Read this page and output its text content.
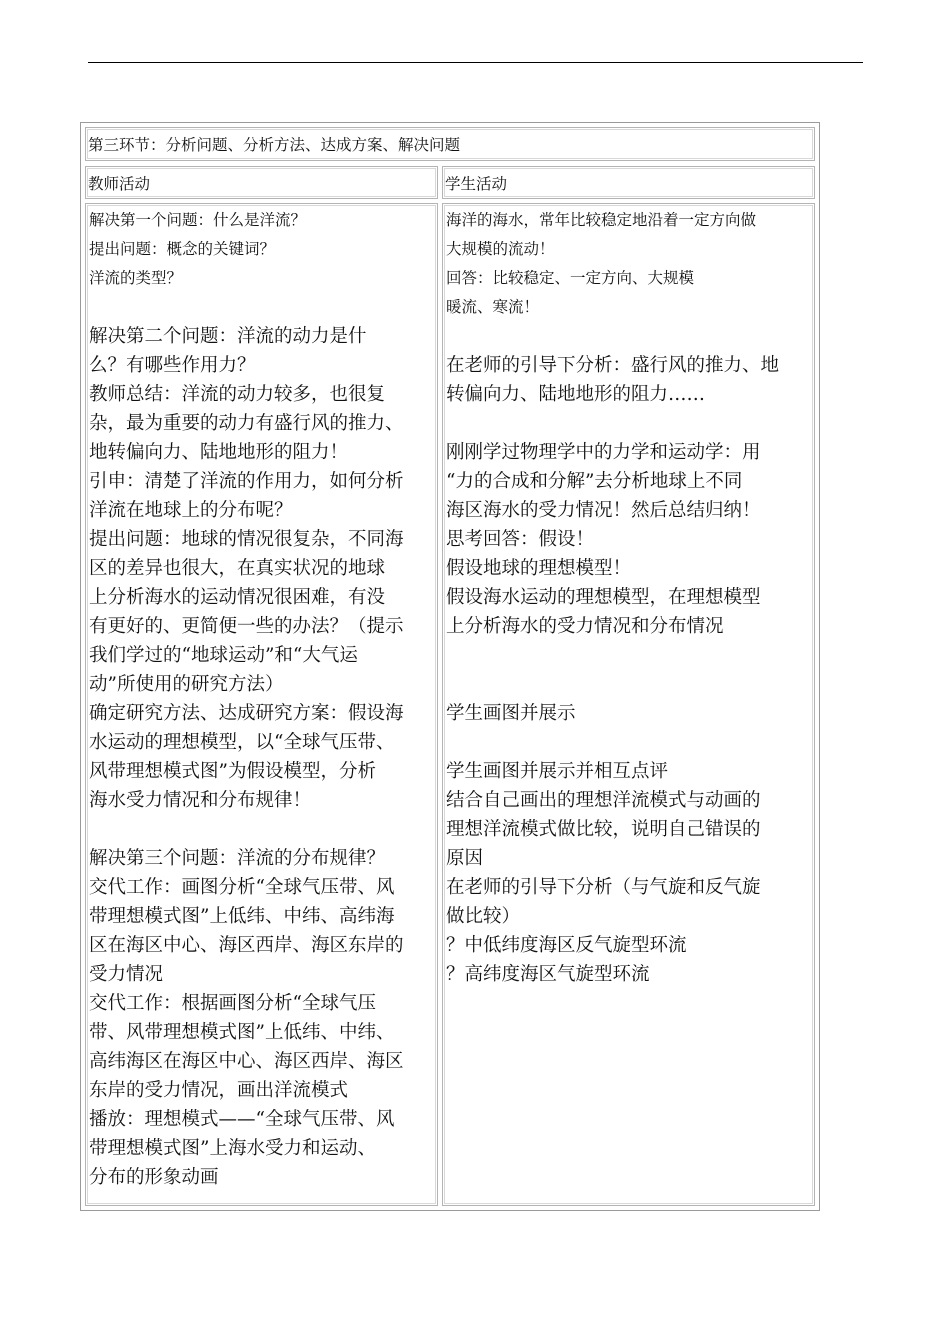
第三环节：分析问题、分析方法、达成方案、解决问题
教师活动	学生活动
解决第一个问题：什么是洋流？
提出问题：概念的关键词？
洋流的类型？
解决第二个问题：洋流的动力是什
么？有哪些作用力？
教师总结：洋流的动力较多，也很复
杂，最为重要的动力有盛行风的推力、
地转偏向力、陆地地形的阻力！
引申：清楚了洋流的作用力，如何分析
洋流在地球上的分布呢？
提出问题：地球的情况很复杂，不同海
区的差异也很大，在真实状况的地球
上分析海水的运动情况很困难，有没
有更好的、更简便一些的办法？（提示
我们学过的“地球运动”和“大气运
动”所使用的研究方法）
确定研究方法、达成研究方案：假设海
水运动的理想模型，以“全球气压带、
风带理想模式图”为假设模型，分析
海水受力情况和分布规律！
解决第三个问题：洋流的分布规律？
交代工作：画图分析“全球气压带、风
带理想模式图”上低纬、中纬、高纬海
区在海区中心、海区西岸、海区东岸的
受力情况
交代工作：根据画图分析“全球气压
带、风带理想模式图”上低纬、中纬、
高纬海区在海区中心、海区西岸、海区
东岸的受力情况，画出洋流模式
播放：理想模式——“全球气压带、风
带理想模式图”上海水受力和运动、
分布的形象动画
海洋的海水，常年比较稳定地沿着一定方向做
大规模的流动！
回答：比较稳定、一定方向、大规模
暖流、寒流！
在老师的引导下分析：盛行风的推力、地
转偏向力、陆地地形的阻力……
刚刚学过物理学中的力学和运动学：用
“力的合成和分解”去分析地球上不同
海区海水的受力情况！然后总结归纳！
思考回答：假设！
假设地球的理想模型！
假设海水运动的理想模型，在理想模型
上分析海水的受力情况和分布情况
学生画图并展示
学生画图并展示并相互点评
结合自己画出的理想洋流模式与动画的
理想洋流模式做比较，说明自己错误的
原因
在老师的引导下分析（与气旋和反气旋
做比较）
？中低纬度海区反气旋型环流
？高纬度海区气旋型环流
